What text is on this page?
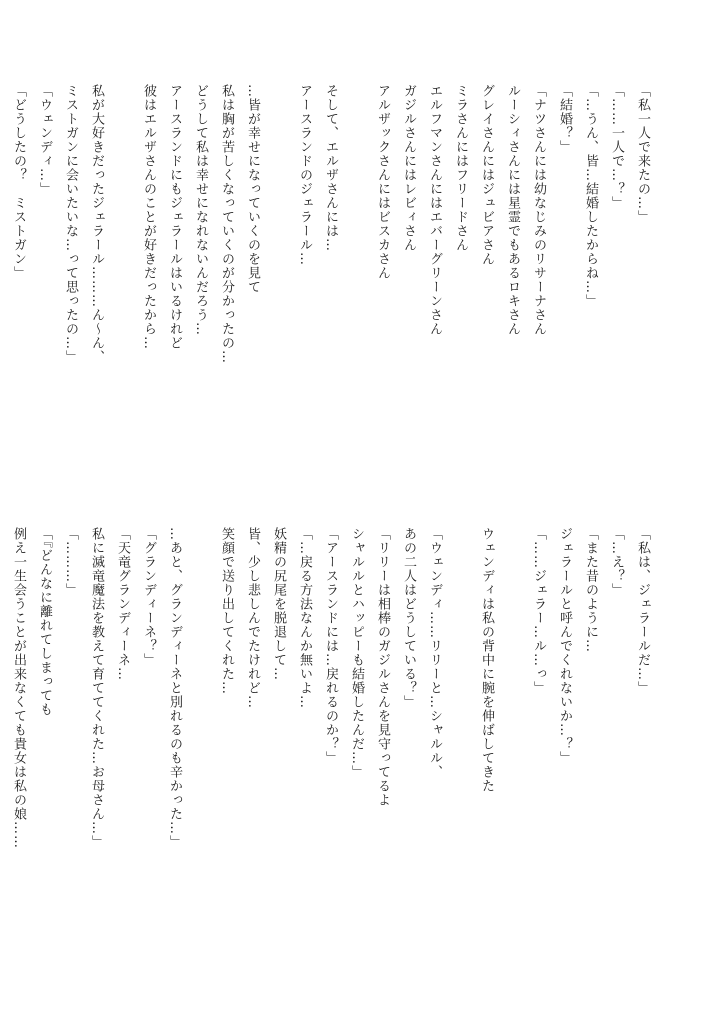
「私一人で来たの…」
「……一人で…？」
「…うん、皆…結婚したからね…」
「結婚？」
「ナツさんには幼なじみのリサーナさん
ルーシィさんには星霊でもあるロキさん
グレイさんにはジュビアさん
ミラさんにはフリードさん
エルフマンさんにはエバーグリーンさん
ガジルさんにはレビィさん
アルザックさんにはビスカさん

そして、エルザさんには…
アースランドのジェラール…

…皆が幸せになっていくのを見て
私は胸が苦しくなっていくのが分かったの…
どうして私は幸せになれないんだろう…
アースランドにもジェラールはいるけれど
彼はエルザさんのことが好きだったから…

私が大好きだったジェラール………ん～ん、
ミストガンに会いたいな…って思ったの…」
「ウェンディ…」
「どうしたの？　ミストガン」
「私は、ジェラールだ…」
「…え？」
「また昔のように…
ジェラールと呼んでくれないか…？」
「……ジェラー…ル…っ」

ウェンディは私の背中に腕を伸ばしてきた

「ウェンディ……リリーと…シャルル、
あの二人はどうしている？」
「リリーは相棒のガジルさんを見守ってるよ
シャルルとハッピーも結婚したんだ…」
「アースランドには…戻れるのか？」
「…戻る方法なんか無いよ…
妖精の尻尾を脱退して…
皆、少し悲しんでたけれど…
笑顔で送り出してくれた…

…あと、グランディーネと別れるのも辛かった…」
「グランディーネ？」
「天竜グランディーネ…
私に滅竜魔法を教えて育ててくれた…お母さん…」
「………」
「『どんなに離れてしまっても
例え一生会うことが出来なくても貴女は私の娘……
